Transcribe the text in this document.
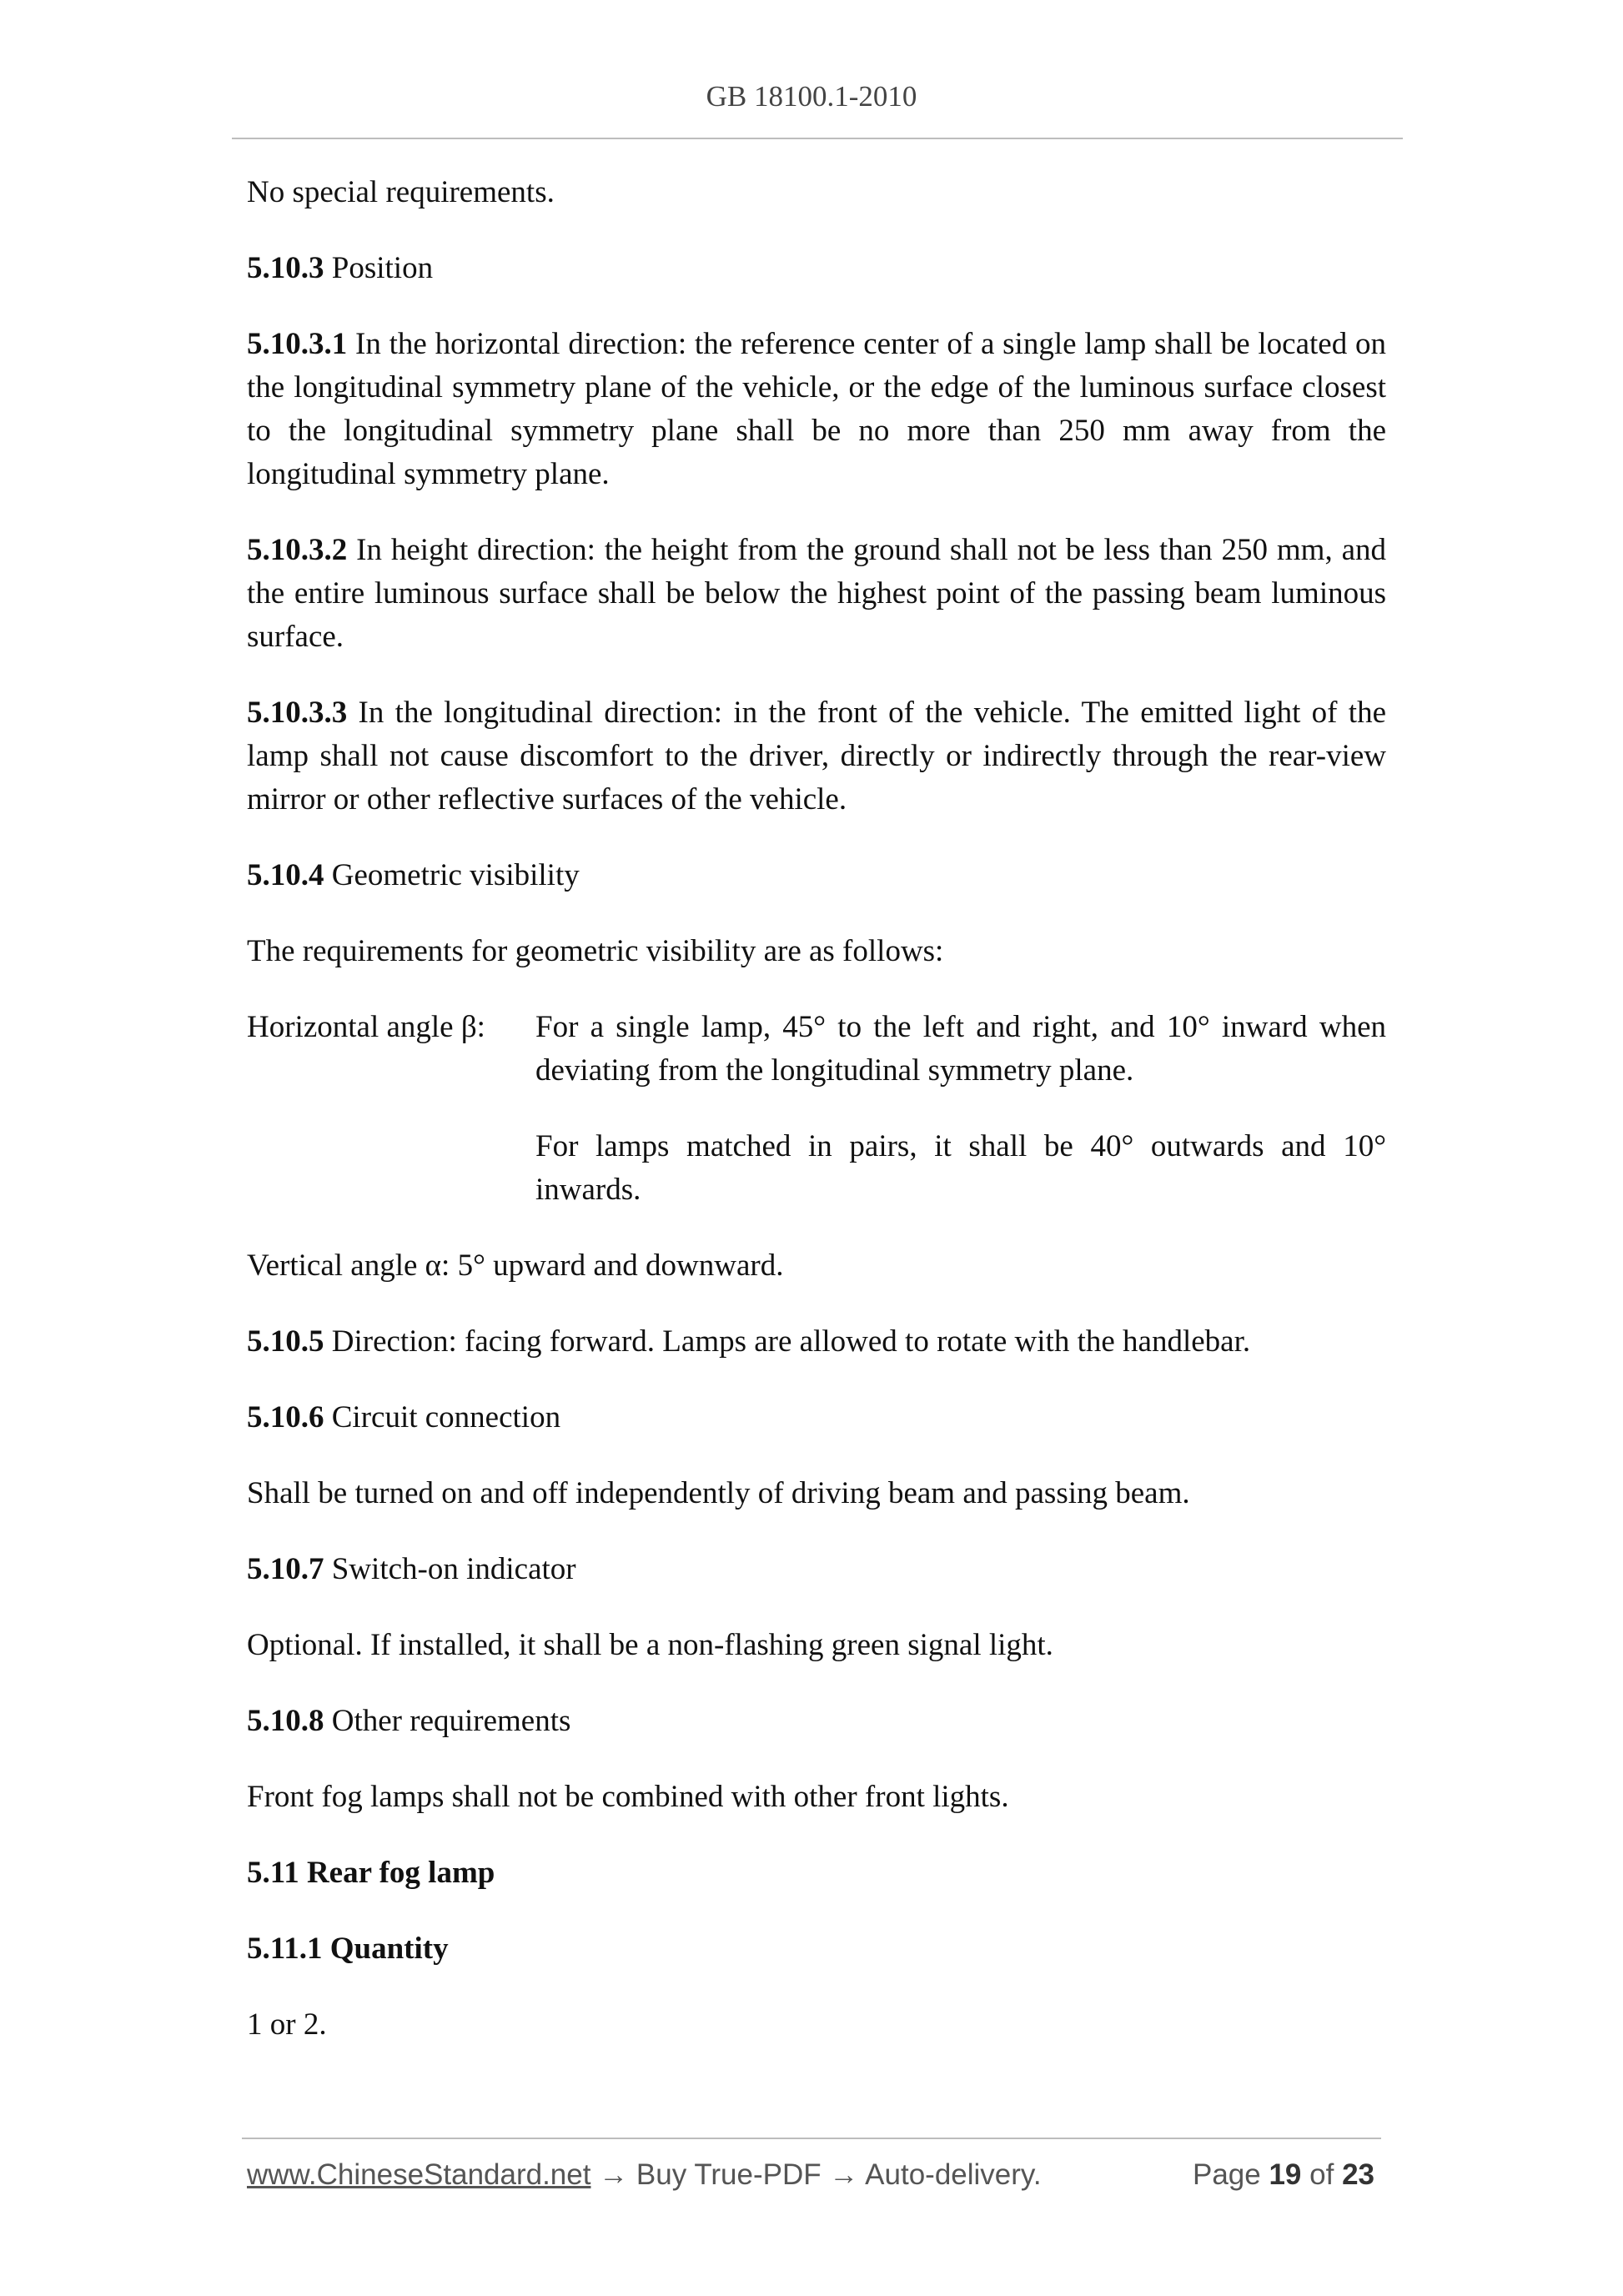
GB 18100.1-2010

No special requirements.

5.10.3 Position

5.10.3.1 In the horizontal direction: the reference center of a single lamp shall be located on the longitudinal symmetry plane of the vehicle, or the edge of the luminous surface closest to the longitudinal symmetry plane shall be no more than 250 mm away from the longitudinal symmetry plane.

5.10.3.2 In height direction: the height from the ground shall not be less than 250 mm, and the entire luminous surface shall be below the highest point of the passing beam luminous surface.

5.10.3.3 In the longitudinal direction: in the front of the vehicle. The emitted light of the lamp shall not cause discomfort to the driver, directly or indirectly through the rear-view mirror or other reflective surfaces of the vehicle.

5.10.4 Geometric visibility

The requirements for geometric visibility are as follows:

Horizontal angle β:	For a single lamp, 45° to the left and right, and 10° inward when deviating from the longitudinal symmetry plane.
For lamps matched in pairs, it shall be 40° outwards and 10° inwards.

Vertical angle α: 5° upward and downward.

5.10.5 Direction: facing forward. Lamps are allowed to rotate with the handlebar.

5.10.6 Circuit connection

Shall be turned on and off independently of driving beam and passing beam.

5.10.7 Switch-on indicator

Optional. If installed, it shall be a non-flashing green signal light.

5.10.8 Other requirements

Front fog lamps shall not be combined with other front lights.

5.11 Rear fog lamp

5.11.1 Quantity

1 or 2.

www.ChineseStandard.net → Buy True-PDF → Auto-delivery.	Page 19 of 23
